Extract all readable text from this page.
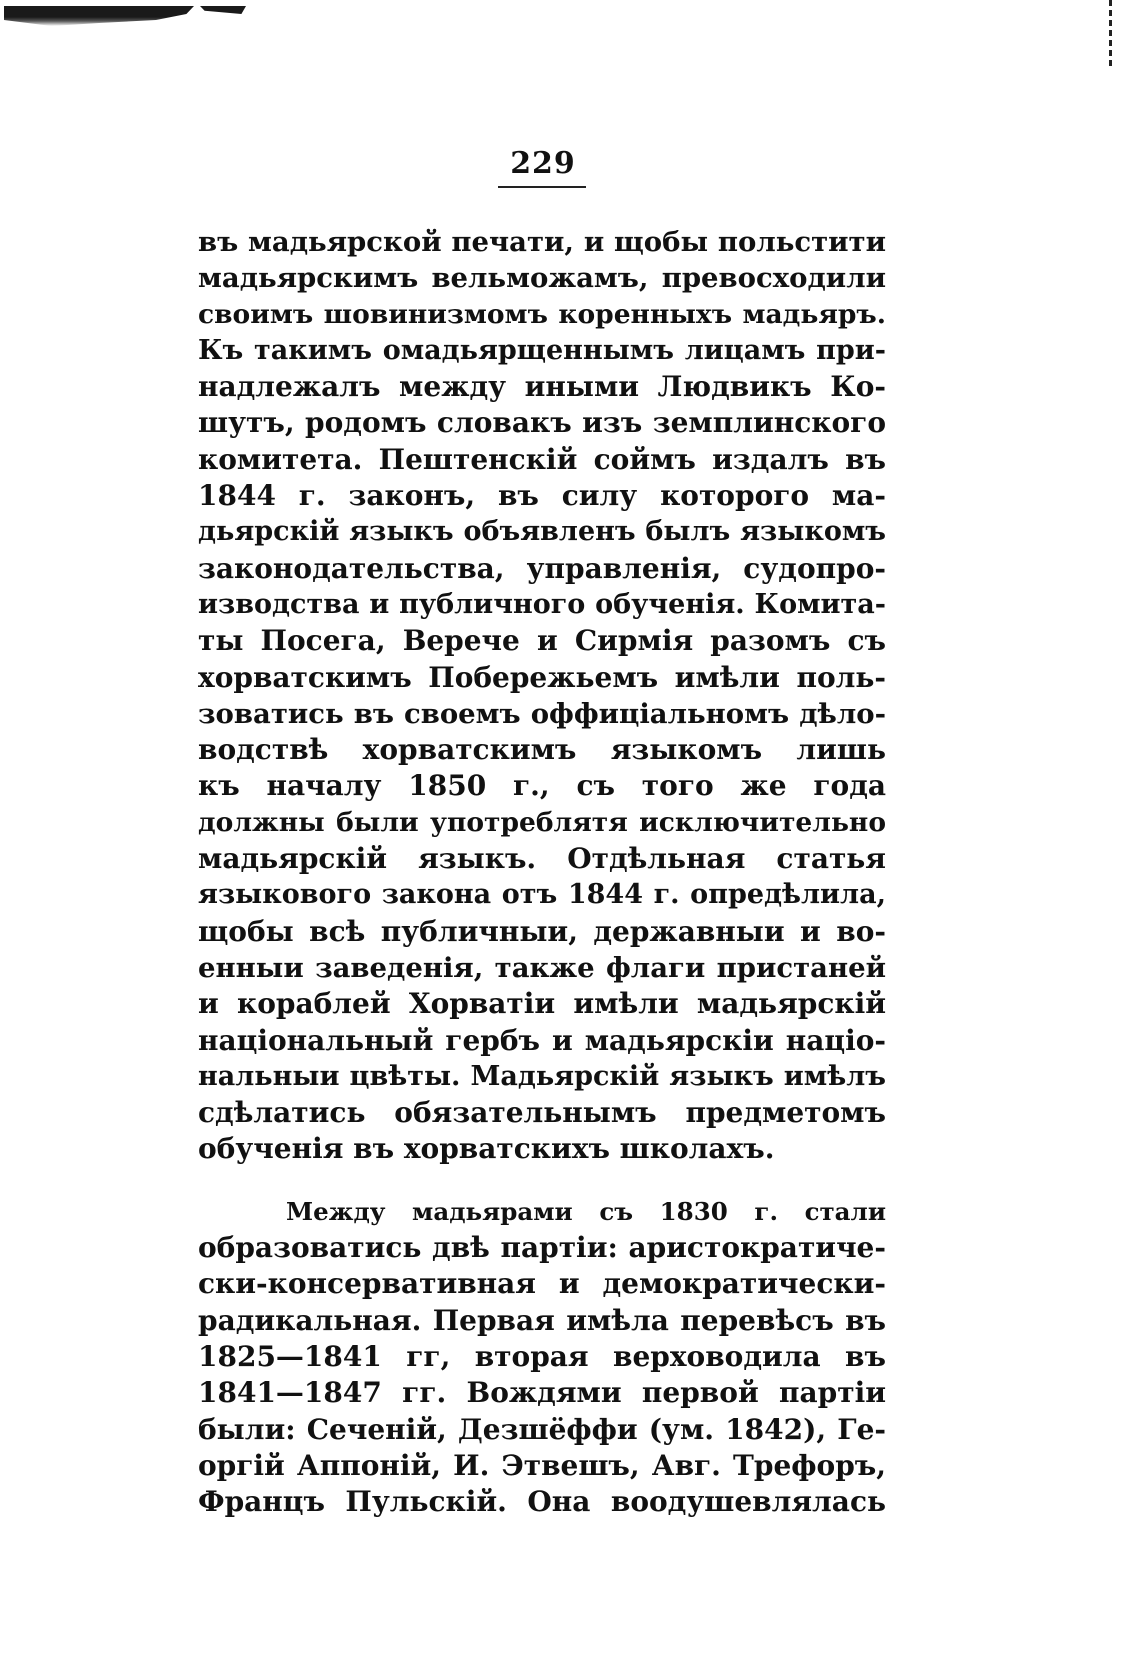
229
въ мадьярской печати, и щобы польстити
мадьярскимъ вельможамъ, превосходили
своимъ шовинизмомъ коренныхъ мадьяръ.
Къ такимъ омадьярщеннымъ лицамъ при-
надлежалъ между иными Людвикъ Ко-
шутъ, родомъ словакъ изъ земплинского
комитета. Пештенскій соймъ издалъ въ
1844 г. законъ, въ силу которого ма-
дьярскій языкъ объявленъ былъ языкомъ
законодательства, управленія, судопро-
изводства и публичного обученія. Комита-
ты Посега, Верече и Сирмія разомъ съ
хорватскимъ Побережьемъ имѣли поль-
зоватись въ своемъ оффиціальномъ дѣло-
водствѣ хорватскимъ языкомъ лишь
къ началу 1850 г., съ того же года
должны были употреблятя исключительно
мадьярскій языкъ. Отдѣльная статья
языкового закона отъ 1844 г. опредѣлила,
щобы всѣ публичныи, державныи и во-
енныи заведенія, также флаги пристаней
и кораблей Хорватіи имѣли мадьярскій
національный гербъ и мадьярскіи націо-
нальныи цвѣты. Мадьярскій языкъ имѣлъ
сдѣлатись обязательнымъ предметомъ
обученія въ хорватскихъ школахъ.
Между мадьярами съ 1830 г. стали
образоватись двѣ партіи: аристократиче-
ски-консервативная и демократически-
радикальная. Первая имѣла перевѣсъ въ
1825—1841 гг, вторая верховодила въ
1841—1847 гг. Вождями первой партіи
были: Сеченій, Дезшёффи (ум. 1842), Ге-
оргій Аппоній, И. Этвешъ, Авг. Трефоръ,
Францъ Пульскій. Она воодушевлялась
